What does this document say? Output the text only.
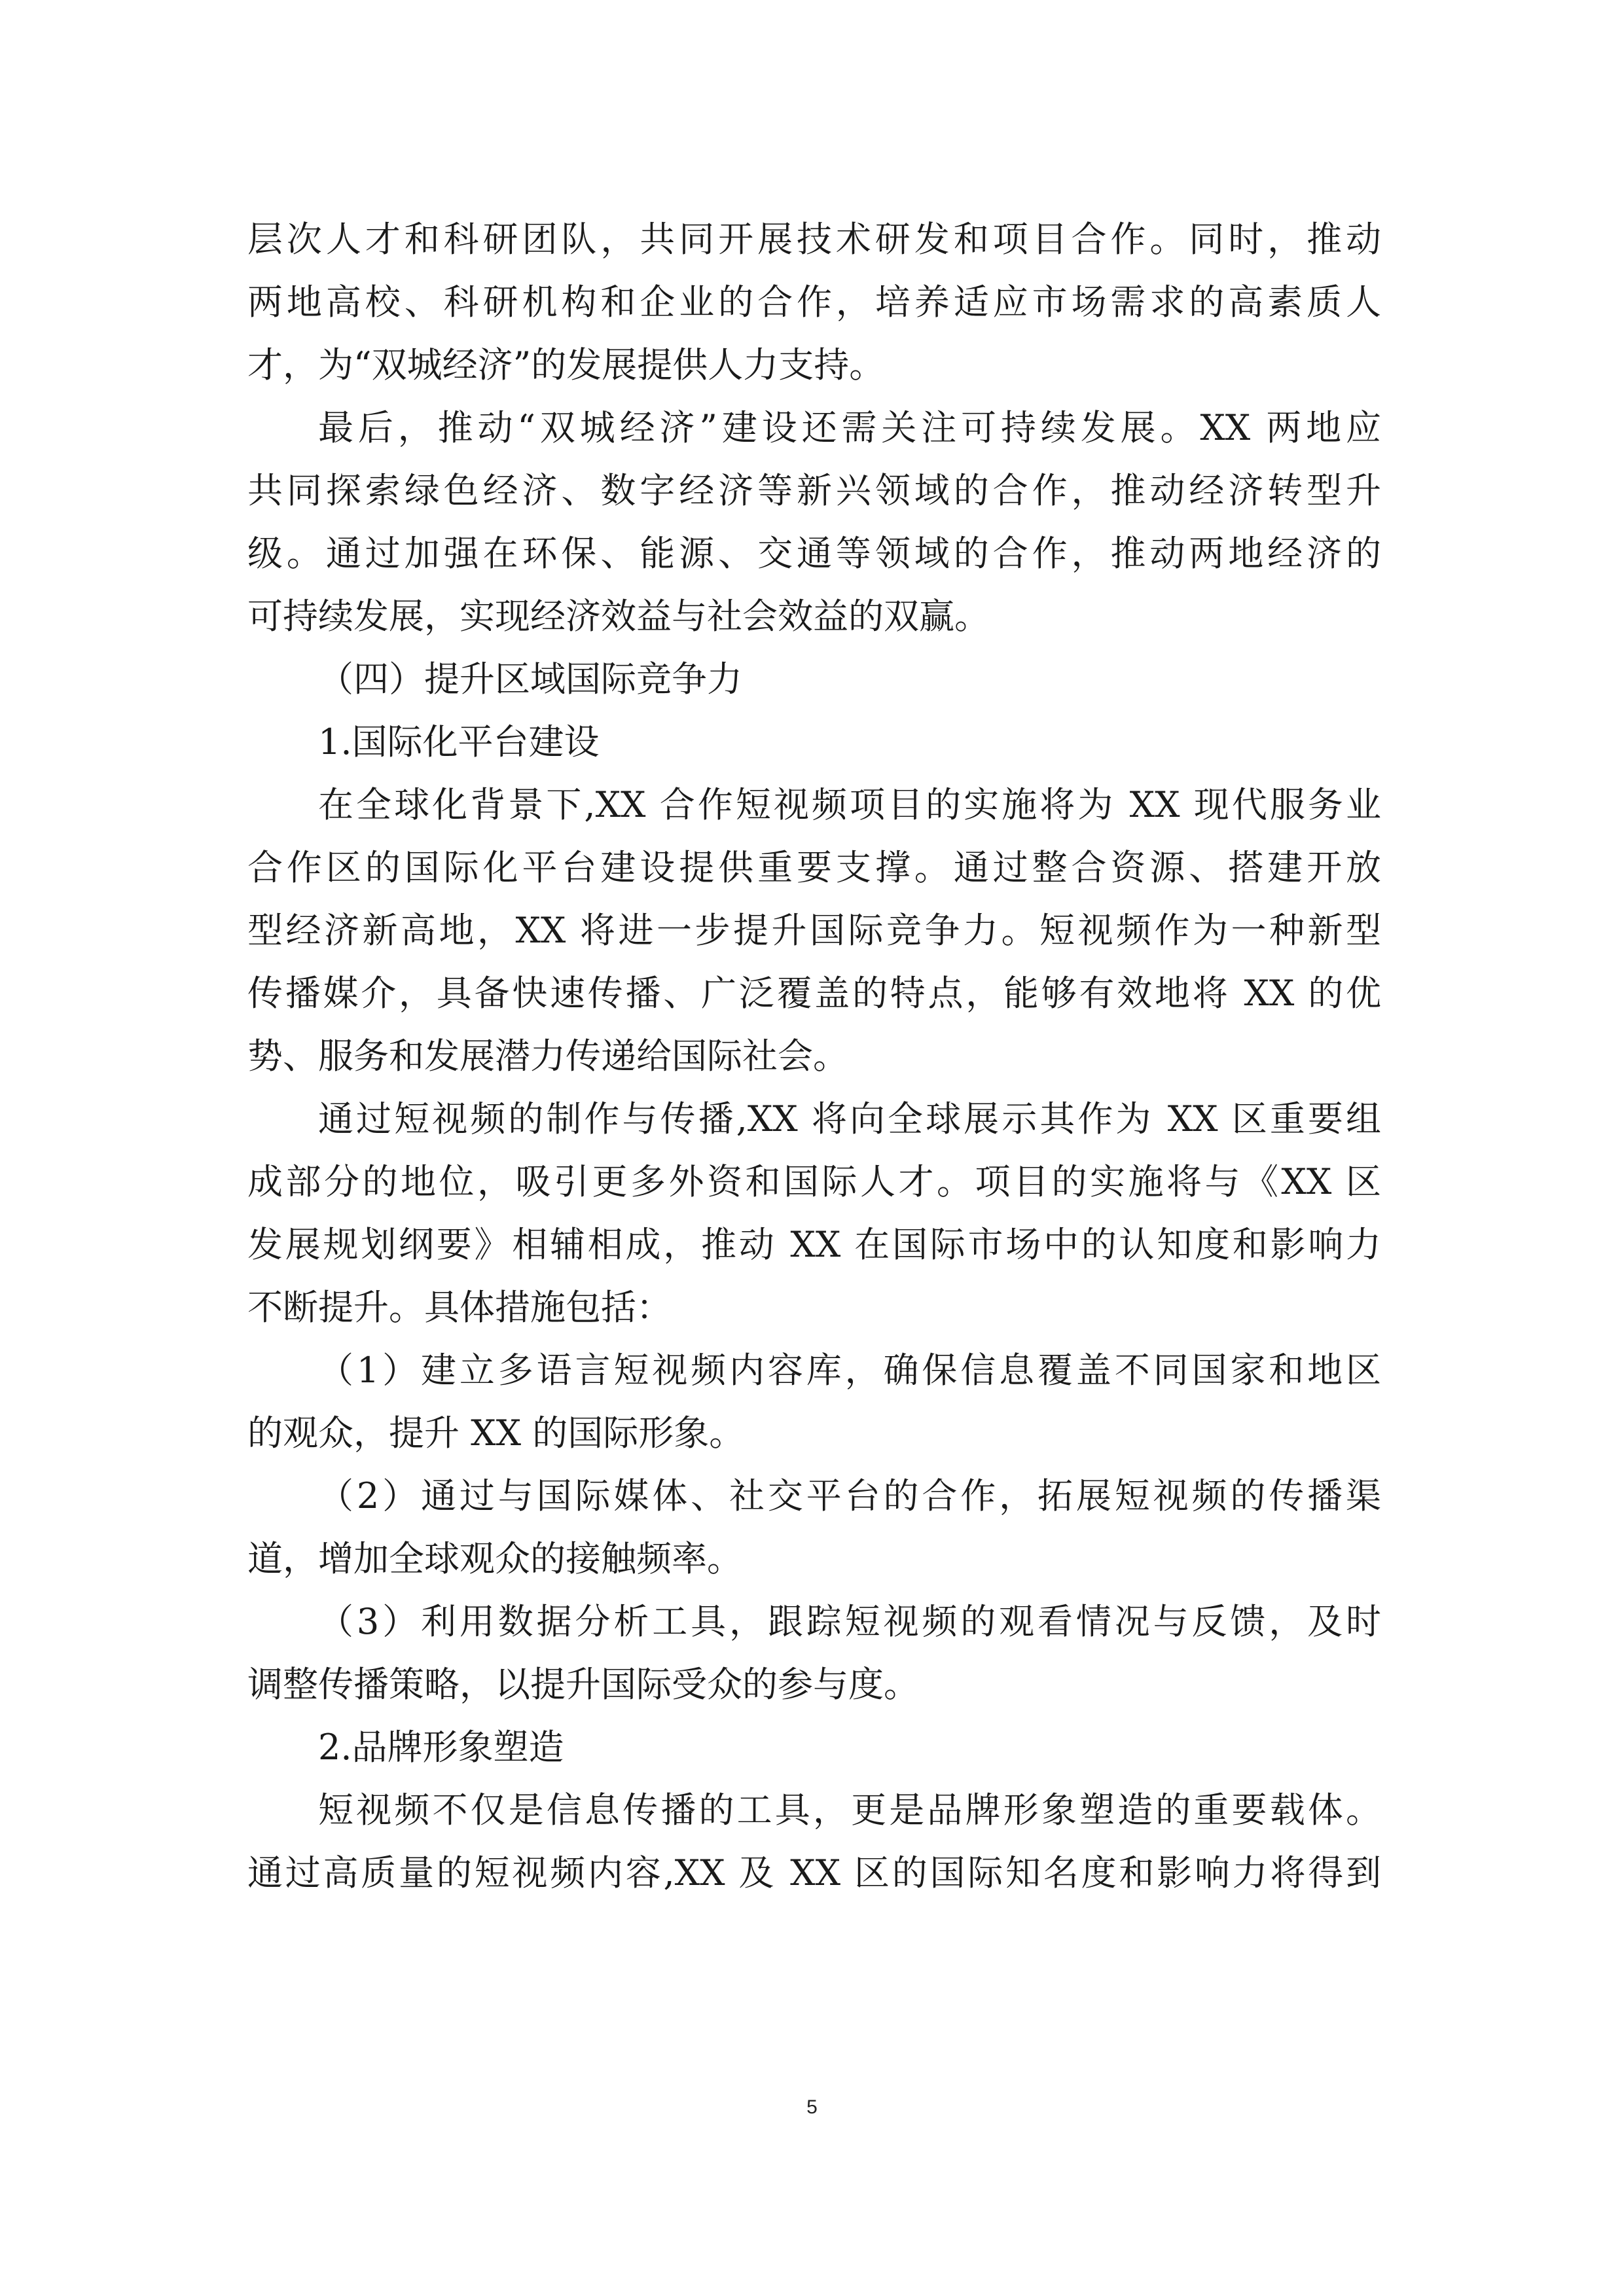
层次人才和科研团队，共同开展技术研发和项目合作。同时，推动
两地高校、科研机构和企业的合作，培养适应市场需求的高素质人
才，为“双城经济”的发展提供人力支持。
最后，推动“双城经济”建设还需关注可持续发展。XX 两地应
共同探索绿色经济、数字经济等新兴领域的合作，推动经济转型升
级。通过加强在环保、能源、交通等领域的合作，推动两地经济的
可持续发展，实现经济效益与社会效益的双赢。
（四）提升区域国际竞争力
1.国际化平台建设
在全球化背景下,XX 合作短视频项目的实施将为 XX 现代服务业
合作区的国际化平台建设提供重要支撑。通过整合资源、搭建开放
型经济新高地，XX 将进一步提升国际竞争力。短视频作为一种新型
传播媒介，具备快速传播、广泛覆盖的特点，能够有效地将 XX 的优
势、服务和发展潜力传递给国际社会。
通过短视频的制作与传播,XX 将向全球展示其作为 XX 区重要组
成部分的地位，吸引更多外资和国际人才。项目的实施将与《XX 区
发展规划纲要》相辅相成，推动 XX 在国际市场中的认知度和影响力
不断提升。具体措施包括：
（1）建立多语言短视频内容库，确保信息覆盖不同国家和地区
的观众，提升 XX 的国际形象。
（2）通过与国际媒体、社交平台的合作，拓展短视频的传播渠
道，增加全球观众的接触频率。
（3）利用数据分析工具，跟踪短视频的观看情况与反馈，及时
调整传播策略，以提升国际受众的参与度。
2.品牌形象塑造
短视频不仅是信息传播的工具，更是品牌形象塑造的重要载体。
通过高质量的短视频内容,XX 及 XX 区的国际知名度和影响力将得到
5
